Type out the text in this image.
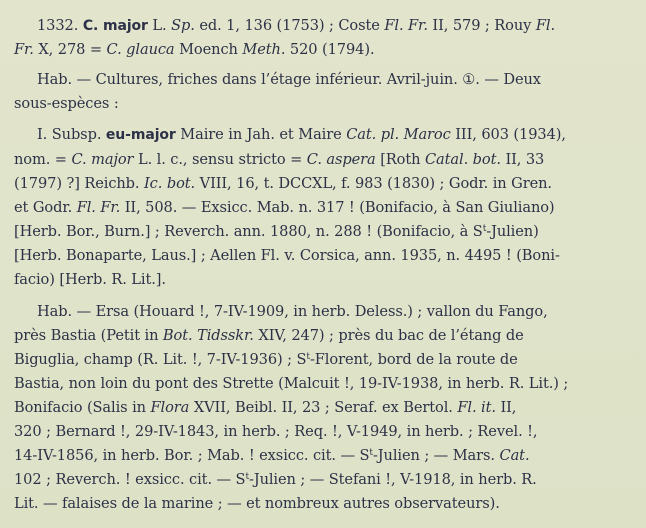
1332. C. major L. Sp. ed. 1, 136 (1753) ; Coste Fl. Fr. II, 579 ; Rouy Fl.
Fr. X, 278 = C. glauca Moench Meth. 520 (1794).
Hab. — Cultures, friches dans l’étage inférieur. Avril-juin. ①. — Deux
sous-espèces :
I. Subsp. eu-major Maire in Jah. et Maire Cat. pl. Maroc III, 603 (1934),
nom. = C. major L. l. c., sensu stricto = C. aspera [Roth Catal. bot. II, 33
(1797) ?] Reichb. Ic. bot. VIII, 16, t. DCCXL, f. 983 (1830) ; Godr. in Gren.
et Godr. Fl. Fr. II, 508. — Exsicc. Mab. n. 317 ! (Bonifacio, à San Giuliano)
[Herb. Bor., Burn.] ; Reverch. ann. 1880, n. 288 ! (Bonifacio, à $S^t-Julien$)
[Herb. Bonaparte, Laus.] ; Aellen Fl. v. Corsica, ann. 1935, n. 4495 ! (Boni-
facio) [Herb. R. Lit.].
Hab. — Ersa (Houard !, 7-IV-1909, in herb. Deless.) ; vallon du Fango,
près Bastia (Petit in Bot. Tidsskr. XIV, 247) ; près du bac de l’étang de
Biguglia, champ (R. Lit. !, 7-IV-1936) ; $S^t$-Florent, bord de la route de
Bastia, non loin du pont des Strette (Malcuit !, 19-IV-1938, in herb. R. Lit.) ;
Bonifacio (Salis in Flora XVII, Beibl. II, 23 ; Seraf. ex Bertol. Fl. it. II,
320 ; Bernard !, 29-IV-1843, in herb. ; Req. !, V-1949, in herb. ; Revel. !,
14-IV-1856, in herb. Bor. ; Mab. ! exsicc. cit. — $S^t$-Julien ; — Mars. Cat.
102 ; Reverch. ! exsicc. cit. — $S^t$-Julien ; — Stefani !, V-1918, in herb. R.
Lit. — falaises de la marine ; — et nombreux autres observateurs).
